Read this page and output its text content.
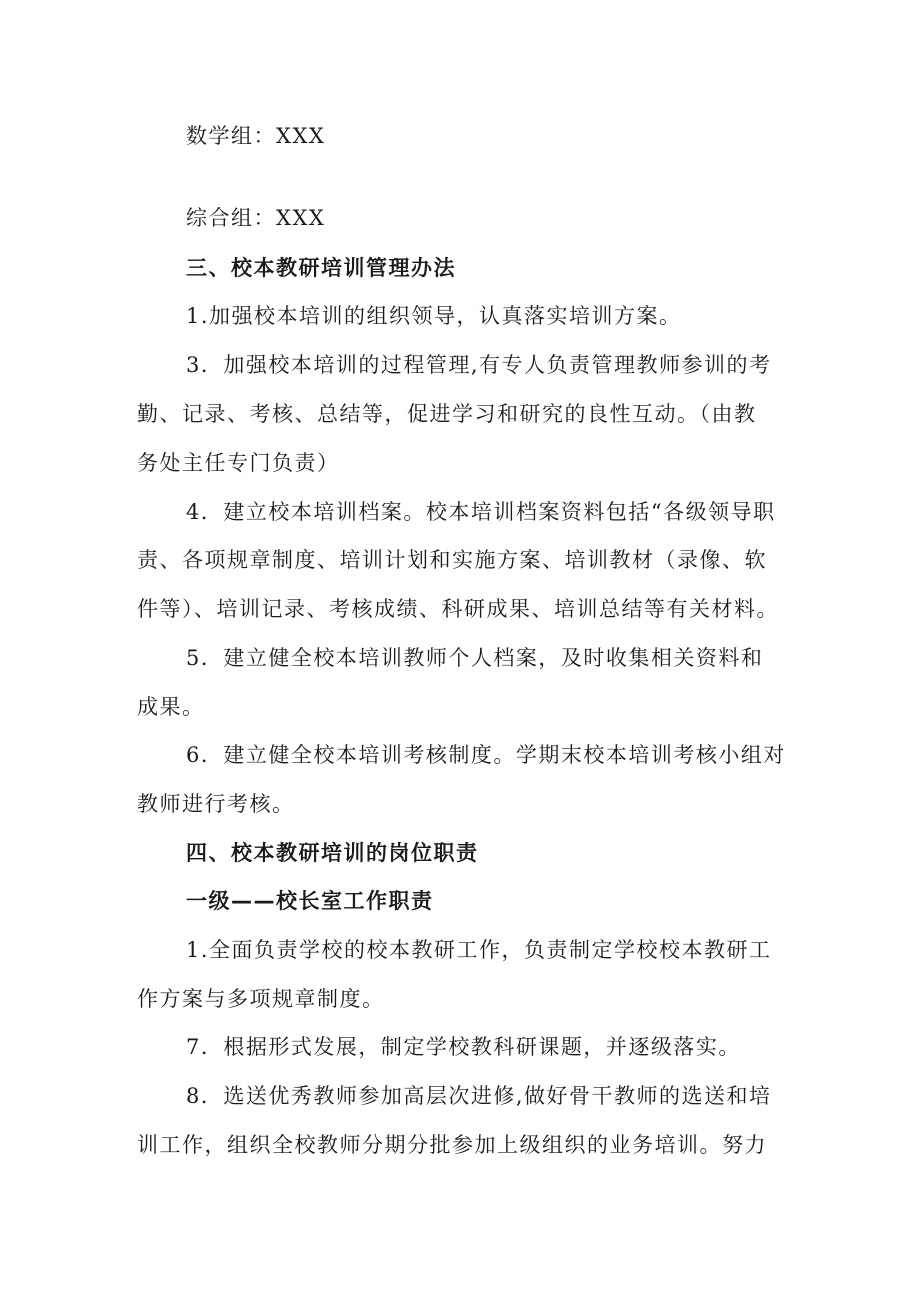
数学组：XXX
综合组：XXX
三、校本教研培训管理办法
1.加强校本培训的组织领导，认真落实培训方案。
3．加强校本培训的过程管理,有专人负责管理教师参训的考
勤、记录、考核、总结等，促进学习和研究的良性互动。（由教
务处主任专门负责）
4．建立校本培训档案。校本培训档案资料包括“各级领导职
责、各项规章制度、培训计划和实施方案、培训教材（录像、软
件等）、培训记录、考核成绩、科研成果、培训总结等有关材料。
5．建立健全校本培训教师个人档案，及时收集相关资料和
成果。
6．建立健全校本培训考核制度。学期末校本培训考核小组对
教师进行考核。
四、校本教研培训的岗位职责
一级——校长室工作职责
1.全面负责学校的校本教研工作，负责制定学校校本教研工
作方案与多项规章制度。
7．根据形式发展，制定学校教科研课题，并逐级落实。
8．选送优秀教师参加高层次进修,做好骨干教师的选送和培
训工作，组织全校教师分期分批参加上级组织的业务培训。努力
